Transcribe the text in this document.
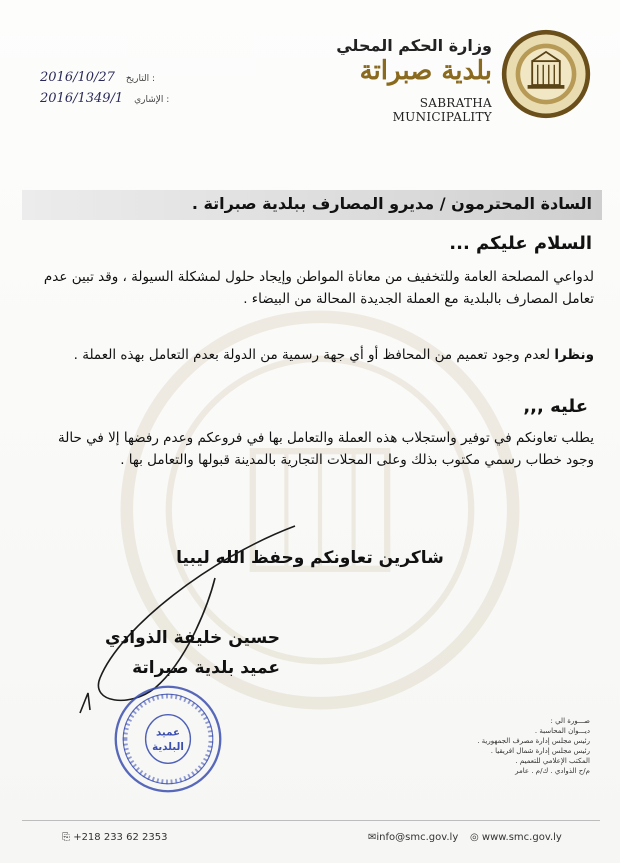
وزارة الحكم المحلي
بلدية صبراتة
SABRATHA MUNICIPALITY
2016/10/27 التاريخ :
2016/1349/1 الإشاري :
السادة المحترمون / مديرو المصارف ببلدية صبراتة .
السلام عليكم ...
لدواعي المصلحة العامة وللتخفيف من معاناة المواطن وإيجاد حلول لمشكلة السيولة ، وقد تبين عدم تعامل المصارف بالبلدية مع العملة الجديدة المحالة من البيضاء .
ونظرا لعدم وجود تعميم من المحافظ أو أي جهة رسمية من الدولة بعدم التعامل بهذه العملة .
عليه ,,,
يطلب تعاونكم في توفير واستجلاب هذه العملة والتعامل بها في فروعكم وعدم رفضها إلا في حالة وجود خطاب رسمي مكتوب بذلك وعلى المحلات التجارية بالمدينة قبولها والتعامل بها .
شاكرين تعاونكم وحفظ الله ليبيا
حسين خليفة الذوادي
عميد بلدية صبراتة
عميد
البلدية
صـــورة الي :
ديـــوان المحاسبة .
رئيس مجلس إدارة مصرف الجمهورية .
رئيس مجلس إدارة شمال افريقيا .
المكتب الإعلامي للتعميم .
م/ح الذوادي . ك/م . عامر
⎘ +218 233 62 2353	✉info@smc.gov.ly ◎ www.smc.gov.ly
